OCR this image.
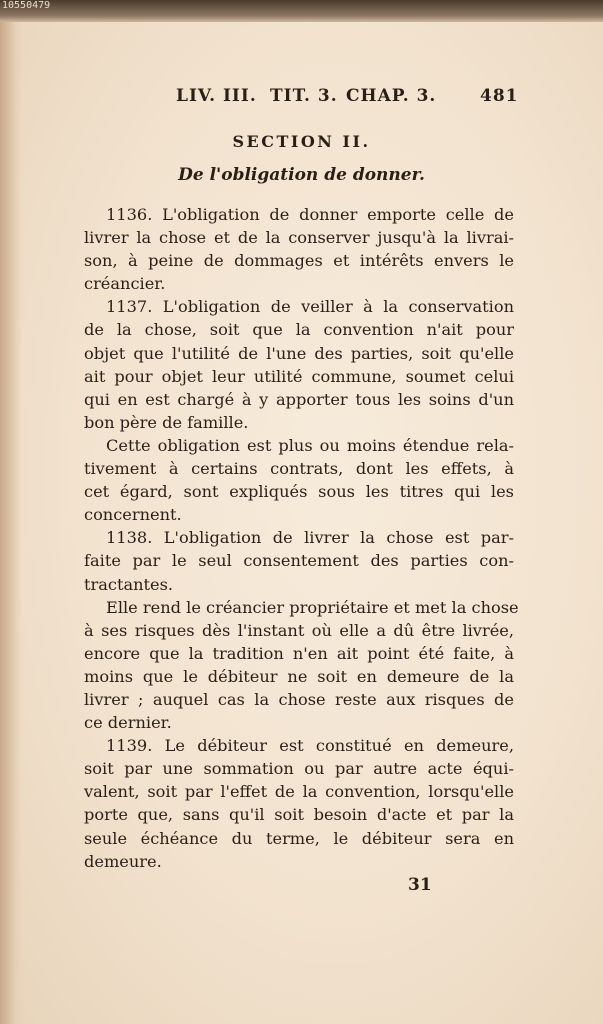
10550479
LIV. III. TIT. 3. CHAP. 3.	481
SECTION II.
De l'obligation de donner.
1136. L'obligation de donner emporte celle de
livrer la chose et de la conserver jusqu'à la livrai-
son, à peine de dommages et intérêts envers le
créancier.
1137. L'obligation de veiller à la conservation
de la chose, soit que la convention n'ait pour
objet que l'utilité de l'une des parties, soit qu'elle
ait pour objet leur utilité commune, soumet celui
qui en est chargé à y apporter tous les soins d'un
bon père de famille.
Cette obligation est plus ou moins étendue rela-
tivement à certains contrats, dont les effets, à
cet égard, sont expliqués sous les titres qui les
concernent.
1138. L'obligation de livrer la chose est par-
faite par le seul consentement des parties con-
tractantes.
Elle rend le créancier propriétaire et met la chose
à ses risques dès l'instant où elle a dû être livrée,
encore que la tradition n'en ait point été faite, à
moins que le débiteur ne soit en demeure de la
livrer ; auquel cas la chose reste aux risques de
ce dernier.
1139. Le débiteur est constitué en demeure,
soit par une sommation ou par autre acte équi-
valent, soit par l'effet de la convention, lorsqu'elle
porte que, sans qu'il soit besoin d'acte et par la
seule échéance du terme, le débiteur sera en
demeure.
31
